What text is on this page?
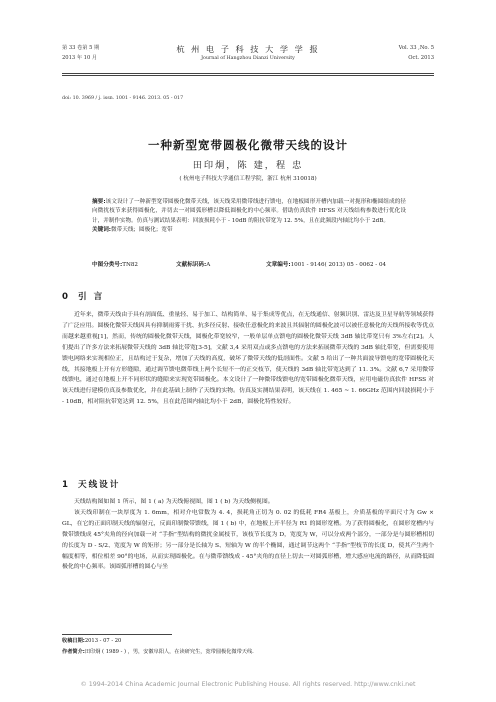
第 33 卷第 5 期
2013 年 10 月
杭 州 电 子 科 技 大 学 学 报
Journal of Hangzhou Dianzi University
Vol. 33 ,No. 5
Oct. 2013
doi: 10. 3969 / j. issn. 1001 - 9146. 2013. 05 - 017
一种新型宽带圆极化微带天线的设计
田印炯，陈 建，程 忠
( 杭州电子科技大学通信工程学院，浙江 杭州 310018)
摘要:该文设计了一种新型宽带圆极化微带天线，该天线采用微带线进行馈电，在地板圆形开槽内加载一对扼形和椭圆组成的径向微扰枝节来获得圆极化，并切去一对圆弧形槽以降低圆极化的中心频率。借助仿真软件 HFSS 对天线结构参数进行优化设计，并制作实物。仿真与测试结果表明：回波损耗小于 - 10dB 的阻抗带宽为 12. 5%，且在此频段内轴比均小于 2dB。
关键词:微带天线；圆极化；宽带
中图分类号:TN82	文献标识码:A	文章编号:1001 - 9146( 2013) 05 - 0062 - 04
0 引 言

近年来，微带天线由于具有剖面低、重量轻、易于加工、结构简单、易于集成等优点，在无线通信、射频识别、雷达及卫星导航等领域获得了广泛应用。圆极化微带天线因具有抑制雨雾干扰、抗多径反射、接收任意极化的来波且其辐射的圆极化波可以被任意极化的天线所接收等优点而越来越重视[1]，然而，传统的圆极化微带天线，圆极化带宽较窄，一般单层单点馈电的圆极化微带天线 3dB 轴比带宽只有 3%左右[2]。人们提出了许多方法来拓展微带天线的 3dB 轴比带宽[3-5]，文献 3,4 采用双点或多点馈电的方法来拓展微带天线的 3dB 轴比带宽，但需要使用馈电网络来实现相位正，且结构过于复杂，增加了天线的高度，破坏了微带天线的低剖面性。文献 5 给出了一种共面波导馈电的宽带圆极化天线，其接地板上开有方形缝隙，通过调节馈电微带线上两个长短不一的正交枝节，使天线的 3dB 轴比带宽达到了 11. 3%。文献 6,7 采用微带线馈电，通过在地板上开不同形状的缝隙来实现宽带圆极化。本文设计了一种微带线馈电的宽带圆极化微带天线，应用电磁仿真软件 HFSS 对该天线进行建模仿真及参数优化，并在此基础上制作了天线的实物。仿真及实测结果表明，该天线在 1. 465 ~ 1. 66GHz 范围内回波损耗小于 - 10dB，相对阻抗带宽达到 12. 5%，且在此范围内轴比均小于 2dB，圆极化特性较好。

1 天线设计

天线结构图如图 1 所示，图 1 ( a) 为天线俯视图，图 1 ( b) 为天线侧视图。

该天线印制在一块厚度为 1. 6mm，相对介电常数为 4. 4，损耗角正切为 0. 02 的低耗 FR4 基板上，介质基板的平面尺寸为 Gw × GL，在它的正面印制天线的辐射元，反面印制微带馈线，图 1 ( b) 中，在地板上开半径为 R1 的圆形宽槽。为了获得圆极化，在圆形宽槽内与微带馈线成 45°夹角的径向加载一对 “手指”型结构的微扰金属枝节，该枝节长度为 D，宽度为 W，可以分成两个部分，一部分是与圆形槽相切的长度为 D - S/2、宽度为 W 的矩形；另一部分是长轴为 S、短轴为 W 的半个椭圆，通过调节这两个 “手指”型枝节的长度 D，使其产生两个幅度相等，相位相差 90°的电场，从而实现圆极化。在与微带馈线成 - 45°夹角的直径上切去一对圆弧形槽，增大感应电流的路径，从而降低圆极化的中心频率。该圆弧形槽的圆心与坐

收稿日期:2013 - 07 - 20
作者简介:田印炯 ( 1989 - ) ，男，安徽阜阳人，在读研究生，宽带圆极化微带天线.
© 1994-2014 China Academic Journal Electronic Publishing House. All rights reserved. http://www.cnki.net
